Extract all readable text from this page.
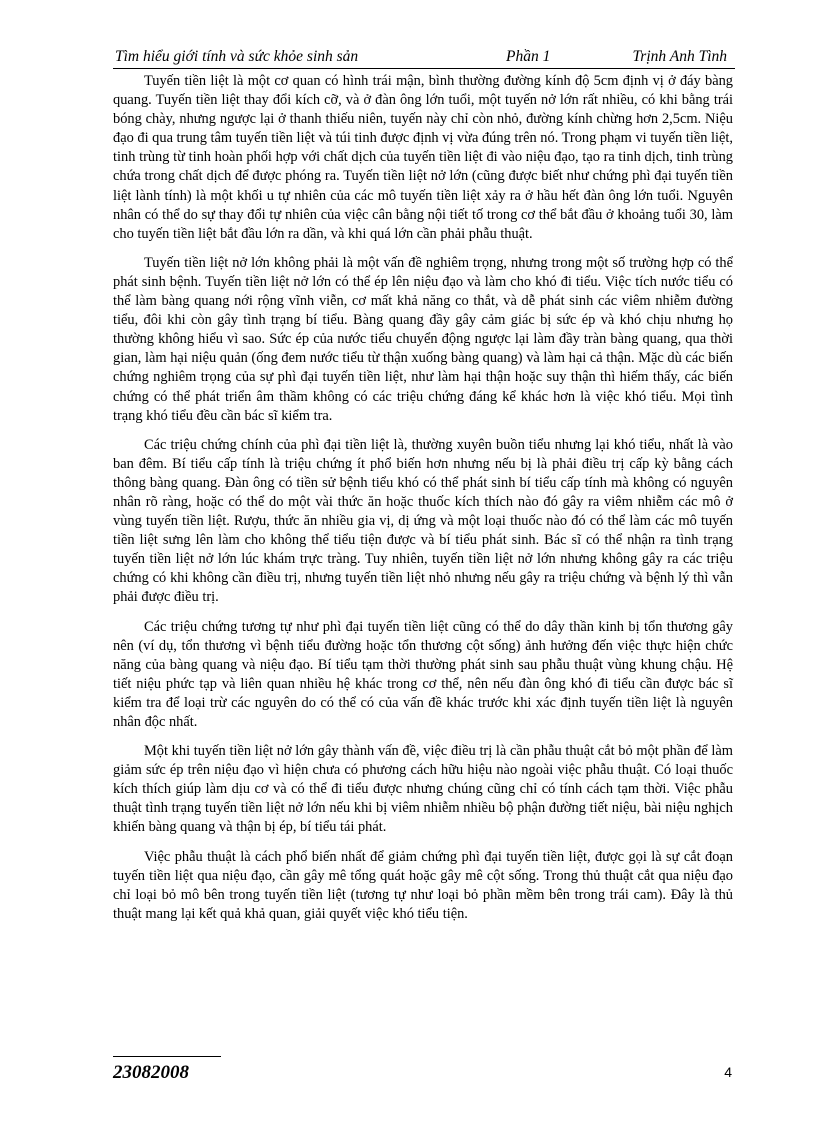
Tìm hiểu giới tính và sức khỏe sinh sản	Phần 1	Trịnh Anh Tình

Tuyến tiền liệt là một cơ quan có hình trái mận, bình thường đường kính độ 5cm định vị ở đáy bàng quang. Tuyến tiền liệt thay đổi kích cỡ, và ở đàn ông lớn tuổi, một tuyến nở lớn rất nhiều, có khi bằng trái bóng chày, nhưng ngược lại ở thanh thiếu niên, tuyến này chỉ còn nhỏ, đường kính chừng hơn 2,5cm. Niệu đạo đi qua trung tâm tuyến tiền liệt và túi tinh được định vị vừa đúng trên nó. Trong phạm vi tuyến tiền liệt, tinh trùng từ tinh hoàn phối hợp với chất dịch của tuyến tiền liệt đi vào niệu đạo, tạo ra tinh dịch, tinh trùng chứa trong chất dịch để được phóng ra. Tuyến tiền liệt nở lớn (cũng được biết như chứng phì đại tuyến tiền liệt lành tính) là một khối u tự nhiên của các mô tuyến tiền liệt xảy ra ở hầu hết đàn ông lớn tuổi. Nguyên nhân có thể do sự thay đổi tự nhiên của việc cân bằng nội tiết tố trong cơ thể bắt đầu ở khoảng tuổi 30, làm cho tuyến tiền liệt bắt đầu lớn ra dần, và khi quá lớn cần phải phẫu thuật.

Tuyến tiền liệt nở lớn không phải là một vấn đề nghiêm trọng, nhưng trong một số trường hợp có thể phát sinh bệnh. Tuyến tiền liệt nở lớn có thể ép lên niệu đạo và làm cho khó đi tiểu. Việc tích nước tiểu có thể làm bàng quang nới rộng vĩnh viễn, cơ mất khả năng co thắt, và dễ phát sinh các viêm nhiễm đường tiểu, đôi khi còn gây tình trạng bí tiểu. Bàng quang đầy gây cảm giác bị sức ép và khó chịu nhưng họ thường không hiểu vì sao. Sức ép của nước tiểu chuyển động ngược lại làm đầy tràn bàng quang, qua thời gian, làm hại niệu quản (ống đem nước tiểu từ thận xuống bàng quang) và làm hại cả thận. Mặc dù các biến chứng nghiêm trọng của sự phì đại tuyến tiền liệt, như làm hại thận hoặc suy thận thì hiếm thấy, các biến chứng có thể phát triển âm thầm không có các triệu chứng đáng kể khác hơn là việc khó tiểu. Mọi tình trạng khó tiểu đều cần bác sĩ kiểm tra.

Các triệu chứng chính của phì đại tiền liệt là, thường xuyên buồn tiểu nhưng lại khó tiểu, nhất là vào ban đêm. Bí tiểu cấp tính là triệu chứng ít phổ biến hơn nhưng nếu bị là phải điều trị cấp kỳ bằng cách thông bàng quang. Đàn ông có tiền sử bệnh tiểu khó có thể phát sinh bí tiểu cấp tính mà không có nguyên nhân rõ ràng, hoặc có thể do một vài thức ăn hoặc thuốc kích thích nào đó gây ra viêm nhiễm các mô ở vùng tuyến tiền liệt. Rượu, thức ăn nhiều gia vị, dị ứng và một loại thuốc nào đó có thể làm các mô tuyến tiền liệt sưng lên làm cho không thể tiểu tiện được và bí tiểu phát sinh. Bác sĩ có thể nhận ra tình trạng tuyến tiền liệt nở lớn lúc khám trực tràng. Tuy nhiên, tuyến tiền liệt nở lớn nhưng không gây ra các triệu chứng có khi không cần điều trị, nhưng tuyến tiền liệt nhỏ nhưng nếu gây ra triệu chứng và bệnh lý thì vẫn phải được điều trị.

Các triệu chứng tương tự như phì đại tuyến tiền liệt cũng có thể do dây thần kinh bị tổn thương gây nên (ví dụ, tổn thương vì bệnh tiểu đường hoặc tổn thương cột sống) ảnh hưởng đến việc thực hiện chức năng của bàng quang và niệu đạo. Bí tiểu tạm thời thường phát sinh sau phẫu thuật vùng khung chậu. Hệ tiết niệu phức tạp và liên quan nhiều hệ khác trong cơ thể, nên nếu đàn ông khó đi tiểu cần được bác sĩ kiểm tra để loại trừ các nguyên do có thể có của vấn đề khác trước khi xác định tuyến tiền liệt là nguyên nhân độc nhất.

Một khi tuyến tiền liệt nở lớn gây thành vấn đề, việc điều trị là cần phẫu thuật cắt bỏ một phần để làm giảm sức ép trên niệu đạo vì hiện chưa có phương cách hữu hiệu nào ngoài việc phẫu thuật. Có loại thuốc kích thích giúp làm dịu cơ và có thể đi tiểu được nhưng chúng cũng chỉ có tính cách tạm thời. Việc phẫu thuật tình trạng tuyến tiền liệt nở lớn nếu khi bị viêm nhiễm nhiều bộ phận đường tiết niệu, bài niệu nghịch khiến bàng quang và thận bị ép, bí tiểu tái phát.

Việc phẫu thuật là cách phổ biến nhất để giảm chứng phì đại tuyến tiền liệt, được gọi là sự cắt đoạn tuyến tiền liệt qua niệu đạo, cần gây mê tổng quát hoặc gây mê cột sống. Trong thủ thuật cắt qua niệu đạo chỉ loại bỏ mô bên trong tuyến tiền liệt (tương tự như loại bỏ phần mềm bên trong trái cam). Đây là thủ thuật mang lại kết quả khả quan, giải quyết việc khó tiểu tiện.

23082008	4
